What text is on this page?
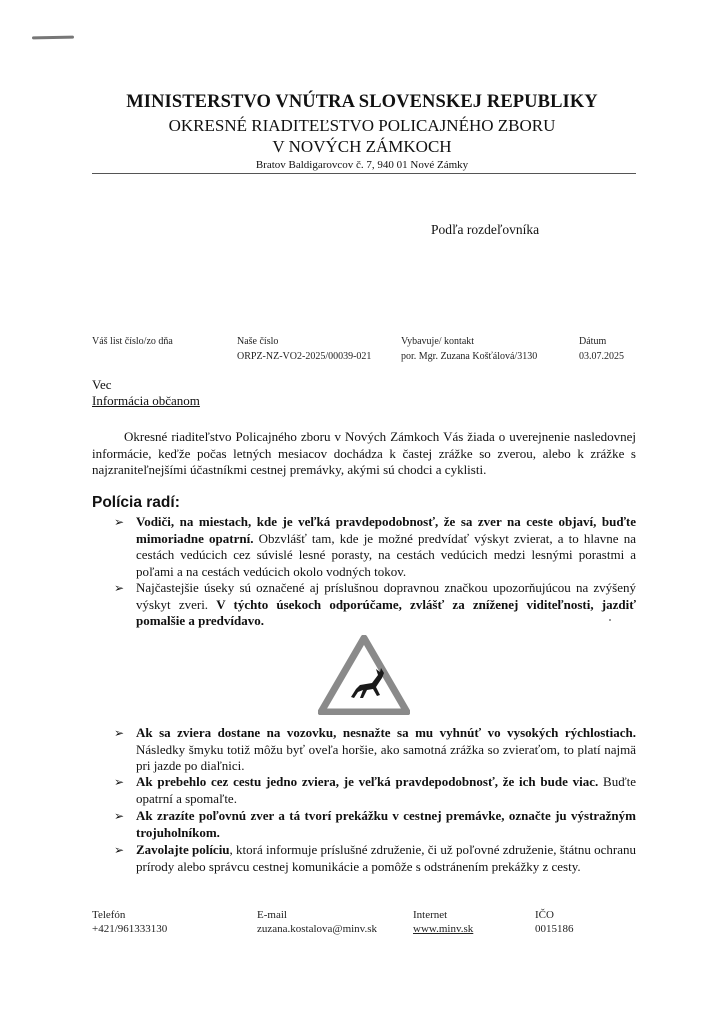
MINISTERSTVO VNÚTRA SLOVENSKEJ REPUBLIKY
OKRESNÉ RIADITEĽSTVO POLICAJNÉHO ZBORU
V NOVÝCH ZÁMKOCH
Bratov Baldigarovcov č. 7, 940 01 Nové Zámky
Podľa rozdeľovníka
Váš list číslo/zo dňa	Naše číslo
ORPZ-NZ-VO2-2025/00039-021
Vybavuje/ kontakt
por. Mgr. Zuzana Košťálová/3130
Dátum
03.07.2025
Vec
Informácia občanom
Okresné riaditeľstvo Policajného zboru v Nových Zámkoch Vás žiada o uverejnenie nasledovnej informácie, keďže počas letných mesiacov dochádza k častej zrážke so zverou, alebo k zrážke s najzraniteľnejšími účastníkmi cestnej premávky, akými sú chodci a cyklisti.
Polícia radí:
➢ Vodiči, na miestach, kde je veľká pravdepodobnosť, že sa zver na ceste objaví, buďte mimoriadne opatrní. Obzvlášť tam, kde je možné predvídať výskyt zvierat, a to hlavne na cestách vedúcich cez súvislé lesné porasty, na cestách vedúcich medzi lesnými porastmi a poľami a na cestách vedúcich okolo vodných tokov.
➢ Najčastejšie úseky sú označené aj príslušnou dopravnou značkou upozorňujúcou na zvýšený výskyt zveri. V týchto úsekoch odporúčame, zvlášť za zníženej viditeľnosti, jazdiť pomalšie a predvídavo.
➢ Ak sa zviera dostane na vozovku, nesnažte sa mu vyhnúť vo vysokých rýchlostiach. Následky šmyku totiž môžu byť oveľa horšie, ako samotná zrážka so zvieraťom, to platí najmä pri jazde po diaľnici.
➢ Ak prebehlo cez cestu jedno zviera, je veľká pravdepodobnosť, že ich bude viac. Buďte opatrní a spomaľte.
➢ Ak zrazíte poľovnú zver a tá tvorí prekážku v cestnej premávke, označte ju výstražným trojuholníkom.
➢ Zavolajte políciu, ktorá informuje príslušné združenie, či už poľovné združenie, štátnu ochranu prírody alebo správcu cestnej komunikácie a pomôže s odstránením prekážky z cesty.
Telefón
+421/961333130
E-mail
zuzana.kostalova@minv.sk
Internet
www.minv.sk
IČO
0015186
